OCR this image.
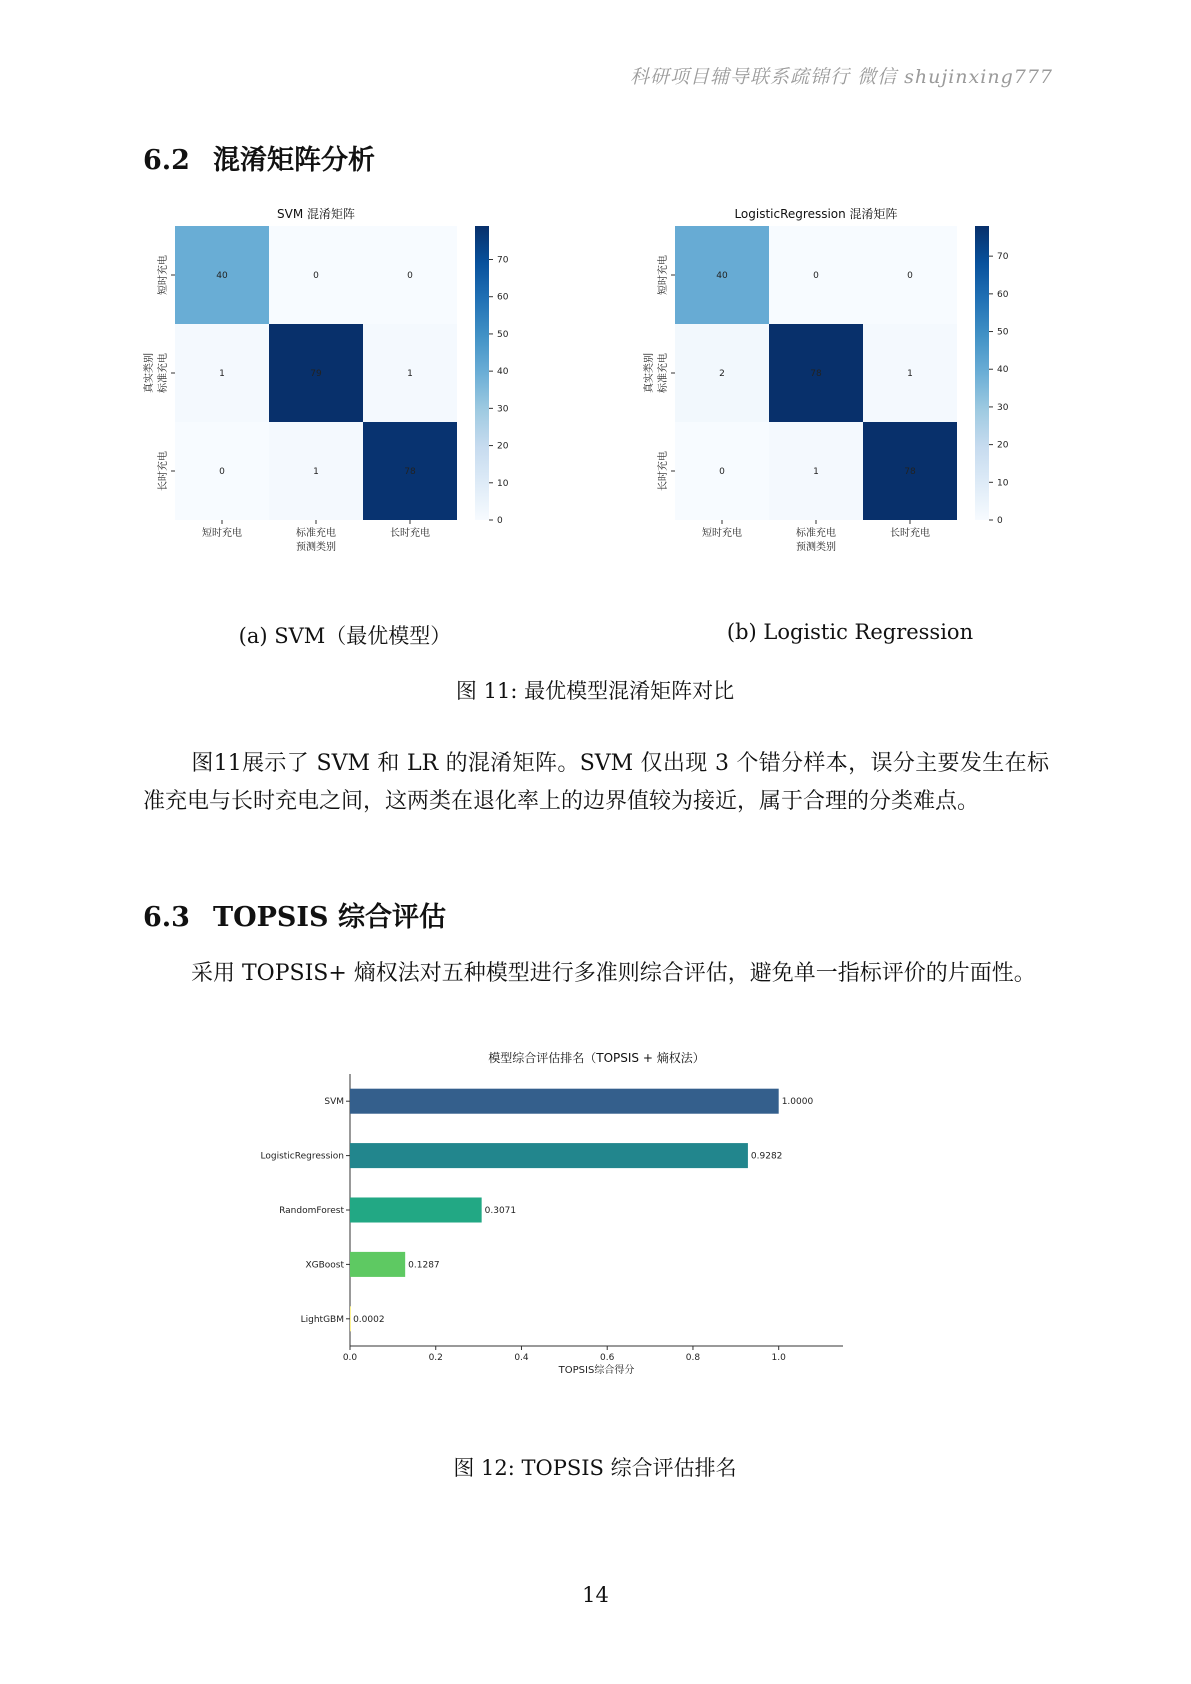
科研项目辅导联系疏锦行 微信 shujinxing777
6.2 混淆矩阵分析
SVM 混淆矩阵
40	0	0
1	79	1
0	1	78
短时充电	标准充电	长时充电
预测类别
短时充电
标准充电
长时充电
真实类别
0
10
20
30
40
50
60
70
LogisticRegression 混淆矩阵
40	0	0
2	78	1
0	1	78
短时充电	标准充电	长时充电
预测类别
短时充电
标准充电
长时充电
真实类别
0
10
20
30
40
50
60
70
(a) SVM（最优模型）	(b) Logistic Regression
图 11: 最优模型混淆矩阵对比
图11展示了 SVM 和 LR 的混淆矩阵。SVM 仅出现 3 个错分样本，误分主要发生在标准充电与长时充电之间，这两类在退化率上的边界值较为接近，属于合理的分类难点。
6.3 TOPSIS 综合评估
采用 TOPSIS+ 熵权法对五种模型进行多准则综合评估，避免单一指标评价的片面性。
模型综合评估排名（TOPSIS + 熵权法）
1.0000
SVM
0.9282
LogisticRegression
0.3071
RandomForest
0.1287
XGBoost
0.0002
LightGBM
0.0	0.2	0.4	0.6	0.8	1.0
TOPSIS综合得分
图 12: TOPSIS 综合评估排名
14
